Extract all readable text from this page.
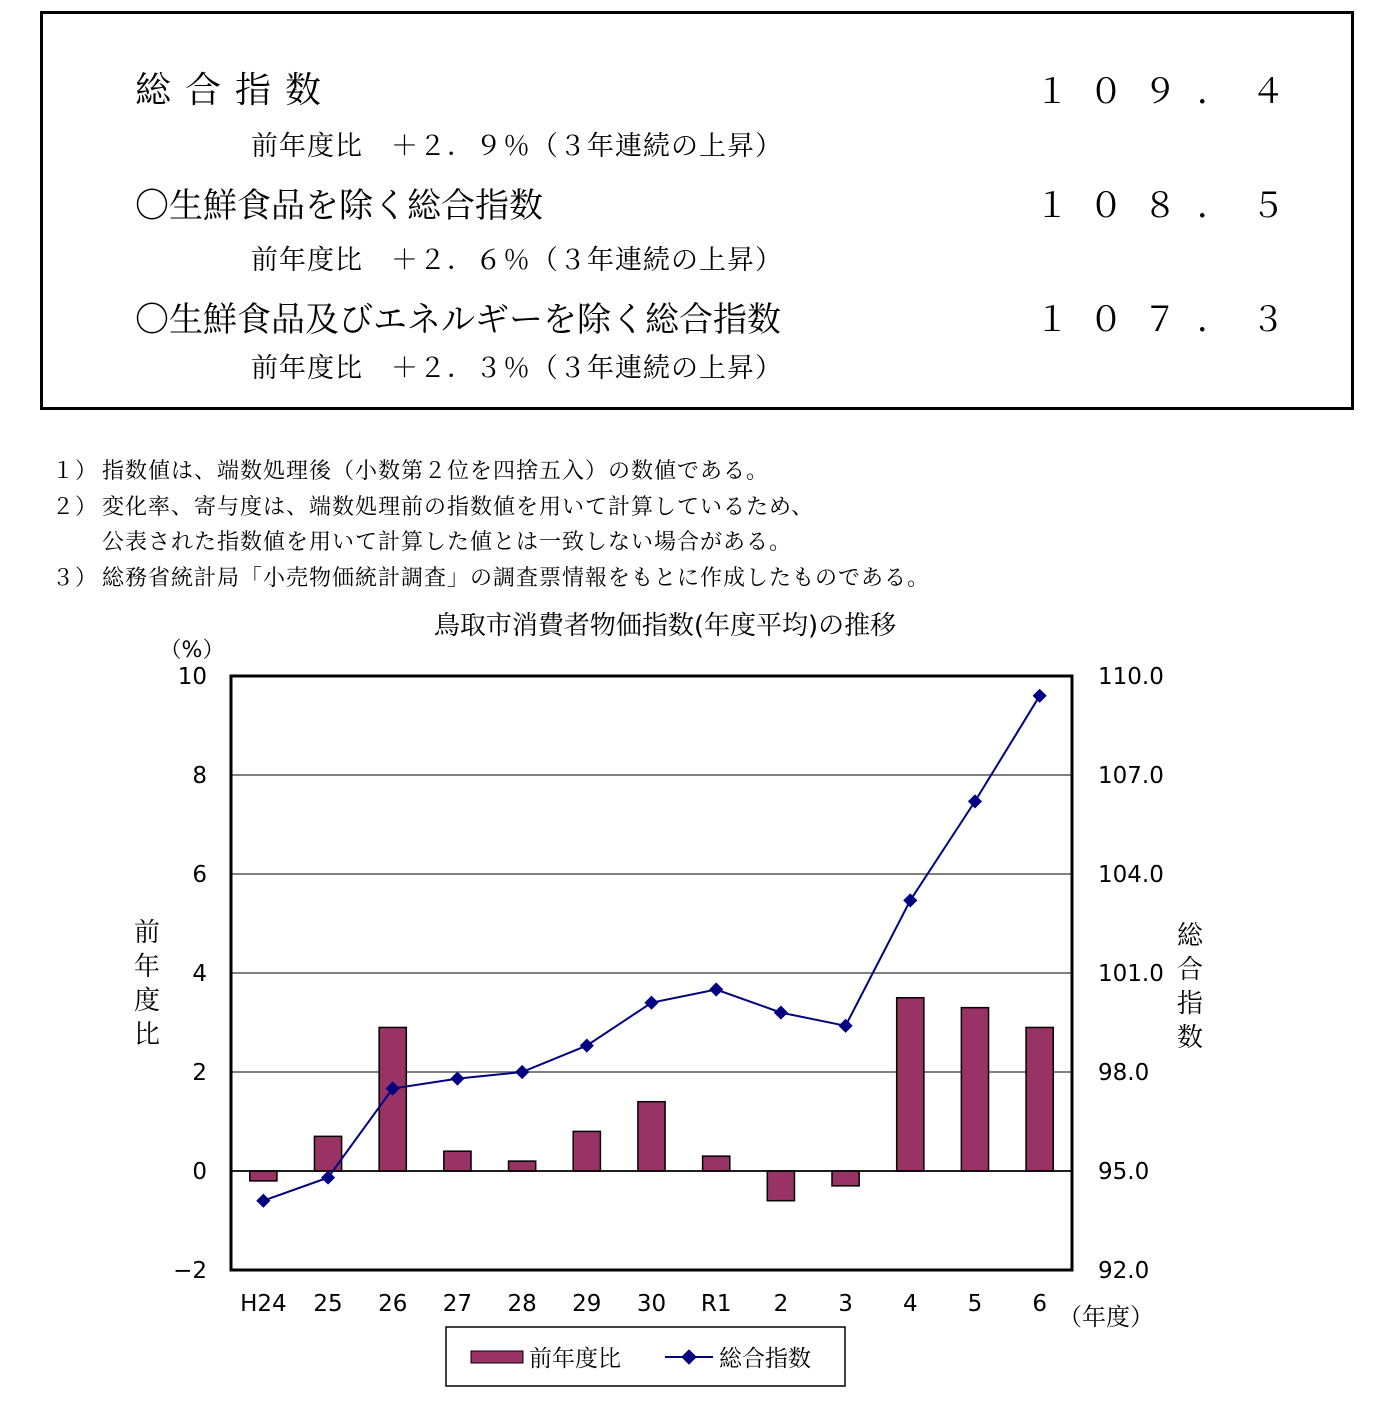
総合指数	１０９．４
前年度比　＋２．９％（３年連続の上昇）
〇生鮮食品を除く総合指数	１０８．５
前年度比　＋２．６％（３年連続の上昇）
〇生鮮食品及びエネルギーを除く総合指数	１０７．３
前年度比　＋２．３％（３年連続の上昇）
１） 指数値は、端数処理後（小数第２位を四捨五入）の数値である。
２） 変化率、寄与度は、端数処理前の指数値を用いて計算しているため、
公表された指数値を用いて計算した値とは一致しない場合がある。
３） 総務省統計局「小売物価統計調査」の調査票情報をもとに作成したものである。
鳥取市消費者物価指数(年度平均)の推移
（%）
−2
0
2
4
6
8
10
92.0
95.0
98.0
101.0
104.0
107.0
110.0
H24 25 26 27 28 29 30 R1 2 3 4 5 6
前
年
度
比
総
合
指
数
（年度）
前年度比	総合指数
